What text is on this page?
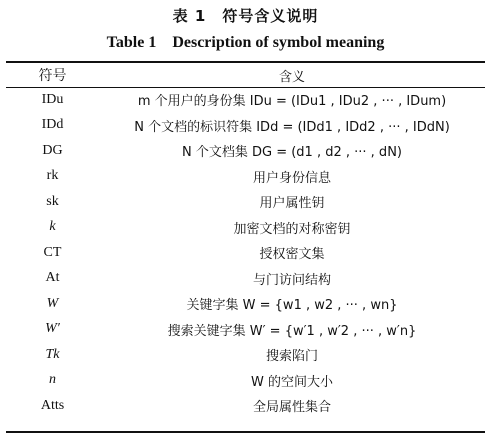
表 1　符号含义说明
Table 1　Description of symbol meaning
符号	含义
IDu	m 个用户的身份集 IDu = (IDu1 , IDu2 , ··· , IDum)
IDd	N 个文档的标识符集 IDd = (IDd1 , IDd2 , ··· , IDdN)
DG	N 个文档集 DG = (d1 , d2 , ··· , dN)
rk	用户身份信息
sk	用户属性钥
k	加密文档的对称密钥
CT	授权密文集
At	与门访问结构
W	关键字集 W = {w1 , w2 , ··· , wn}
W′	搜索关键字集 W′ = {w′1 , w′2 , ··· , w′n}
Tk	搜索陷门
n	W 的空间大小
Atts	全局属性集合
